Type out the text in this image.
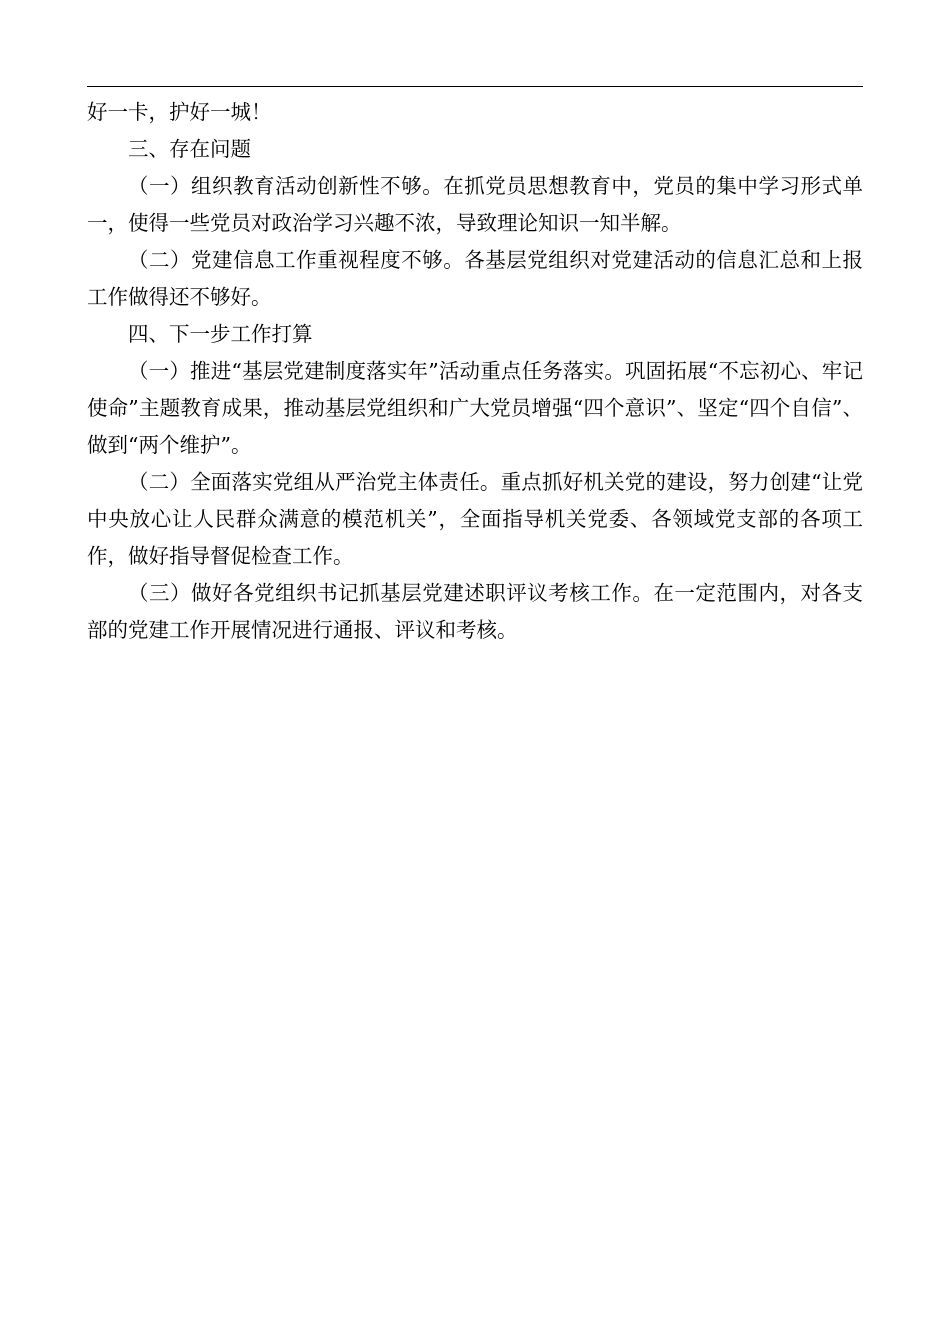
好一卡，护好一城！

三、存在问题

（一）组织教育活动创新性不够。在抓党员思想教育中，党员的集中学习形式单一，使得一些党员对政治学习兴趣不浓，导致理论知识一知半解。

（二）党建信息工作重视程度不够。各基层党组织对党建活动的信息汇总和上报工作做得还不够好。

四、下一步工作打算

（一）推进“基层党建制度落实年”活动重点任务落实。巩固拓展“不忘初心、牢记使命”主题教育成果，推动基层党组织和广大党员增强“四个意识”、坚定“四个自信”、做到“两个维护”。

（二）全面落实党组从严治党主体责任。重点抓好机关党的建设，努力创建“让党中央放心让人民群众满意的模范机关”，全面指导机关党委、各领域党支部的各项工作，做好指导督促检查工作。

（三）做好各党组织书记抓基层党建述职评议考核工作。在一定范围内，对各支部的党建工作开展情况进行通报、评议和考核。
